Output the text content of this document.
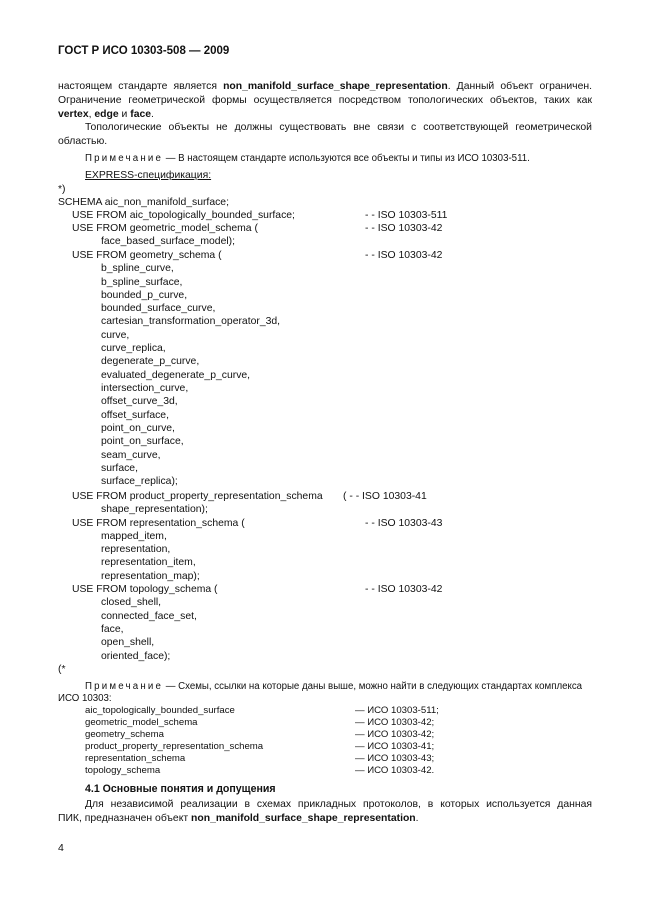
ГОСТ Р ИСО 10303-508 — 2009
настоящем стандарте является non_manifold_surface_shape_representation. Данный объект ограничен.
Ограничение геометрической формы осуществляется посредством топологических объектов, таких как
vertex, edge и face.
Топологические объекты не должны существовать вне связи с соответствующей геометрической
областью.
Примечание — В настоящем стандарте используются все объекты и типы из ИСО 10303-511.
EXPRESS-спецификация:
*)
SCHEMA aic_non_manifold_surface;
USE FROM aic_topologically_bounded_surface;	- - ISO 10303-511
USE FROM geometric_model_schema (	- - ISO 10303-42
face_based_surface_model);
USE FROM geometry_schema (	- - ISO 10303-42
b_spline_curve,
b_spline_surface,
bounded_p_curve,
bounded_surface_curve,
cartesian_transformation_operator_3d,
curve,
curve_replica,
degenerate_p_curve,
evaluated_degenerate_p_curve,
intersection_curve,
offset_curve_3d,
offset_surface,
point_on_curve,
point_on_surface,
seam_curve,
surface,
surface_replica);
USE FROM product_property_representation_schema ( - - ISO 10303-41
shape_representation);
USE FROM representation_schema (	- - ISO 10303-43
mapped_item,
representation,
representation_item,
representation_map);
USE FROM topology_schema (	- - ISO 10303-42
closed_shell,
connected_face_set,
face,
open_shell,
oriented_face);
(*
Примечание — Схемы, ссылки на которые даны выше, можно найти в следующих стандартах комплекса
ИСО 10303:
aic_topologically_bounded_surface	— ИСО 10303-511;
geometric_model_schema	— ИСО 10303-42;
geometry_schema	— ИСО 10303-42;
product_property_representation_schema	— ИСО 10303-41;
representation_schema	— ИСО 10303-43;
topology_schema	— ИСО 10303-42.
4.1 Основные понятия и допущения
Для независимой реализации в схемах прикладных протоколов, в которых используется данная
ПИК, предназначен объект non_manifold_surface_shape_representation.
4
